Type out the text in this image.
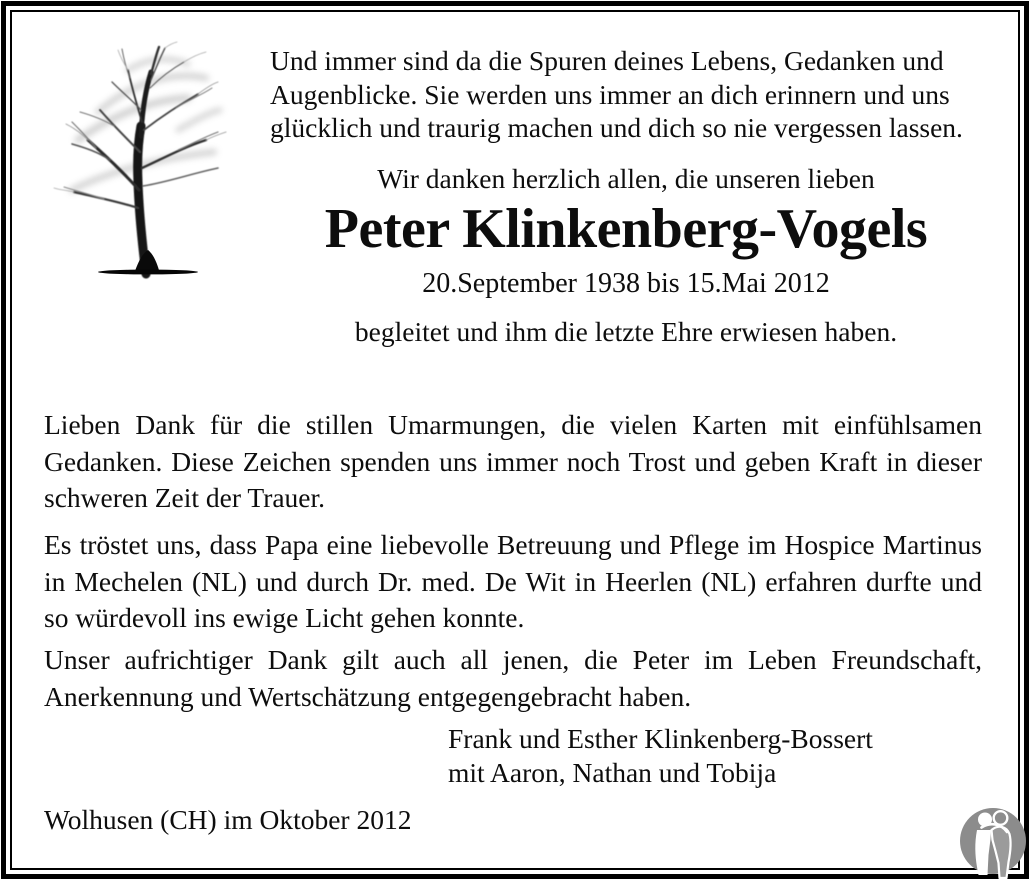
Und immer sind da die Spuren deines Lebens, Gedanken und Augenblicke. Sie werden uns immer an dich erinnern und uns glücklich und traurig machen und dich so nie vergessen lassen.

Wir danken herzlich allen, die unseren lieben

Peter Klinkenberg-Vogels

20.September 1938 bis 15.Mai 2012

begleitet und ihm die letzte Ehre erwiesen haben.

Lieben Dank für die stillen Umarmungen, die vielen Karten mit einfühlsamen Gedanken. Diese Zeichen spenden uns immer noch Trost und geben Kraft in dieser schweren Zeit der Trauer.

Es tröstet uns, dass Papa eine liebevolle Betreuung und Pflege im Hospice Martinus in Mechelen (NL) und durch Dr. med. De Wit in Heerlen (NL) erfahren durfte und so würdevoll ins ewige Licht gehen konnte.

Unser aufrichtiger Dank gilt auch all jenen, die Peter im Leben Freundschaft, Anerkennung und Wertschätzung entgegengebracht haben.

Frank und Esther Klinkenberg-Bossert
mit Aaron, Nathan und Tobija

Wolhusen (CH) im Oktober 2012
